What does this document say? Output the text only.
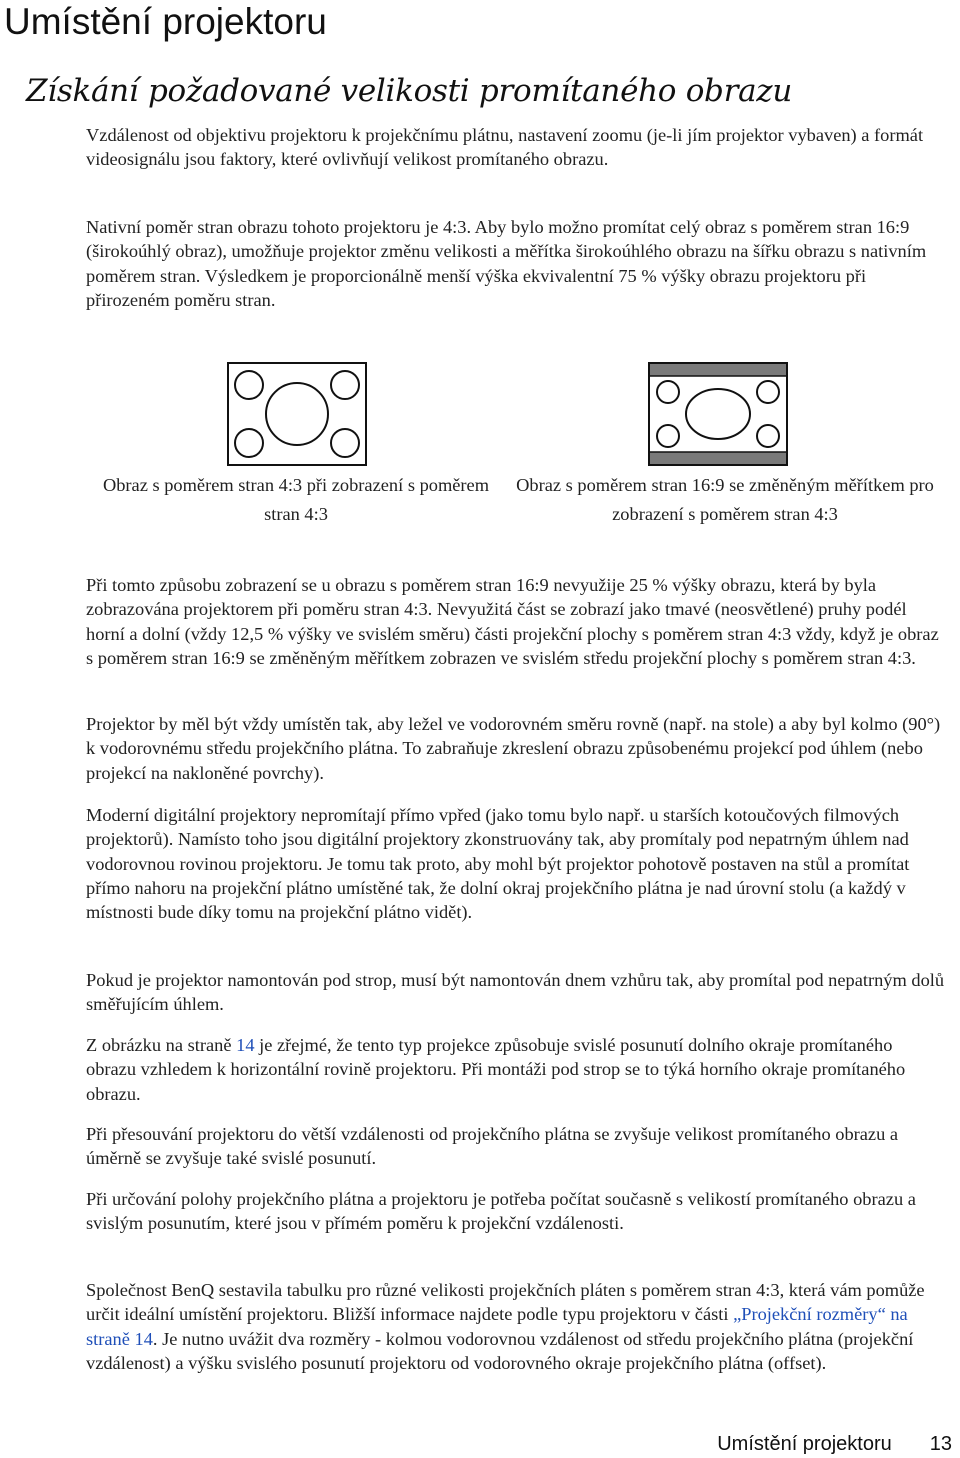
Umístění projektoru
Získání požadované velikosti promítaného obrazu

Vzdálenost od objektivu projektoru k projekčnímu plátnu, nastavení zoomu (je-li jím projektor vybaven) a formát videosignálu jsou faktory, které ovlivňují velikost promítaného obrazu.

Nativní poměr stran obrazu tohoto projektoru je 4:3. Aby bylo možno promítat celý obraz s poměrem stran 16:9 (širokoúhlý obraz), umožňuje projektor změnu velikosti a měřítka širokoúhlého obrazu na šířku obrazu s nativním poměrem stran. Výsledkem je proporcionálně menší výška ekvivalentní 75 % výšky obrazu projektoru při přirozeném poměru stran.

Obraz s poměrem stran 4:3 při zobrazení s poměrem stran 4:3

Obraz s poměrem stran 16:9 se změněným měřítkem pro zobrazení s poměrem stran 4:3

Při tomto způsobu zobrazení se u obrazu s poměrem stran 16:9 nevyužije 25 % výšky obrazu, která by byla zobrazována projektorem při poměru stran 4:3. Nevyužitá část se zobrazí jako tmavé (neosvětlené) pruhy podél horní a dolní (vždy 12,5 % výšky ve svislém směru) části projekční plochy s poměrem stran 4:3 vždy, když je obraz s poměrem stran 16:9 se změněným měřítkem zobrazen ve svislém středu projekční plochy s poměrem stran 4:3.

Projektor by měl být vždy umístěn tak, aby ležel ve vodorovném směru rovně (např. na stole) a aby byl kolmo (90°) k vodorovnému středu projekčního plátna. To zabraňuje zkreslení obrazu způsobenému projekcí pod úhlem (nebo projekcí na nakloněné povrchy).

Moderní digitální projektory nepromítají přímo vpřed (jako tomu bylo např. u starších kotoučových filmových projektorů). Namísto toho jsou digitální projektory zkonstruovány tak, aby promítaly pod nepatrným úhlem nad vodorovnou rovinou projektoru. Je tomu tak proto, aby mohl být projektor pohotově postaven na stůl a promítat přímo nahoru na projekční plátno umístěné tak, že dolní okraj projekčního plátna je nad úrovní stolu (a každý v místnosti bude díky tomu na projekční plátno vidět).

Pokud je projektor namontován pod strop, musí být namontován dnem vzhůru tak, aby promítal pod nepatrným dolů směřujícím úhlem.

Z obrázku na straně 14 je zřejmé, že tento typ projekce způsobuje svislé posunutí dolního okraje promítaného obrazu vzhledem k horizontální rovině projektoru. Při montáži pod strop se to týká horního okraje promítaného obrazu.

Při přesouvání projektoru do větší vzdálenosti od projekčního plátna se zvyšuje velikost promítaného obrazu a úměrně se zvyšuje také svislé posunutí.

Při určování polohy projekčního plátna a projektoru je potřeba počítat současně s velikostí promítaného obrazu a svislým posunutím, které jsou v přímém poměru k projekční vzdálenosti.

Společnost BenQ sestavila tabulku pro různé velikosti projekčních pláten s poměrem stran 4:3, která vám pomůže určit ideální umístění projektoru. Bližší informace najdete podle typu projektoru v části „Projekční rozměry“ na straně 14. Je nutno uvážit dva rozměry - kolmou vodorovnou vzdálenost od středu projekčního plátna (projekční vzdálenost) a výšku svislého posunutí projektoru od vodorovného okraje projekčního plátna (offset).

Umístění projektoru 13
